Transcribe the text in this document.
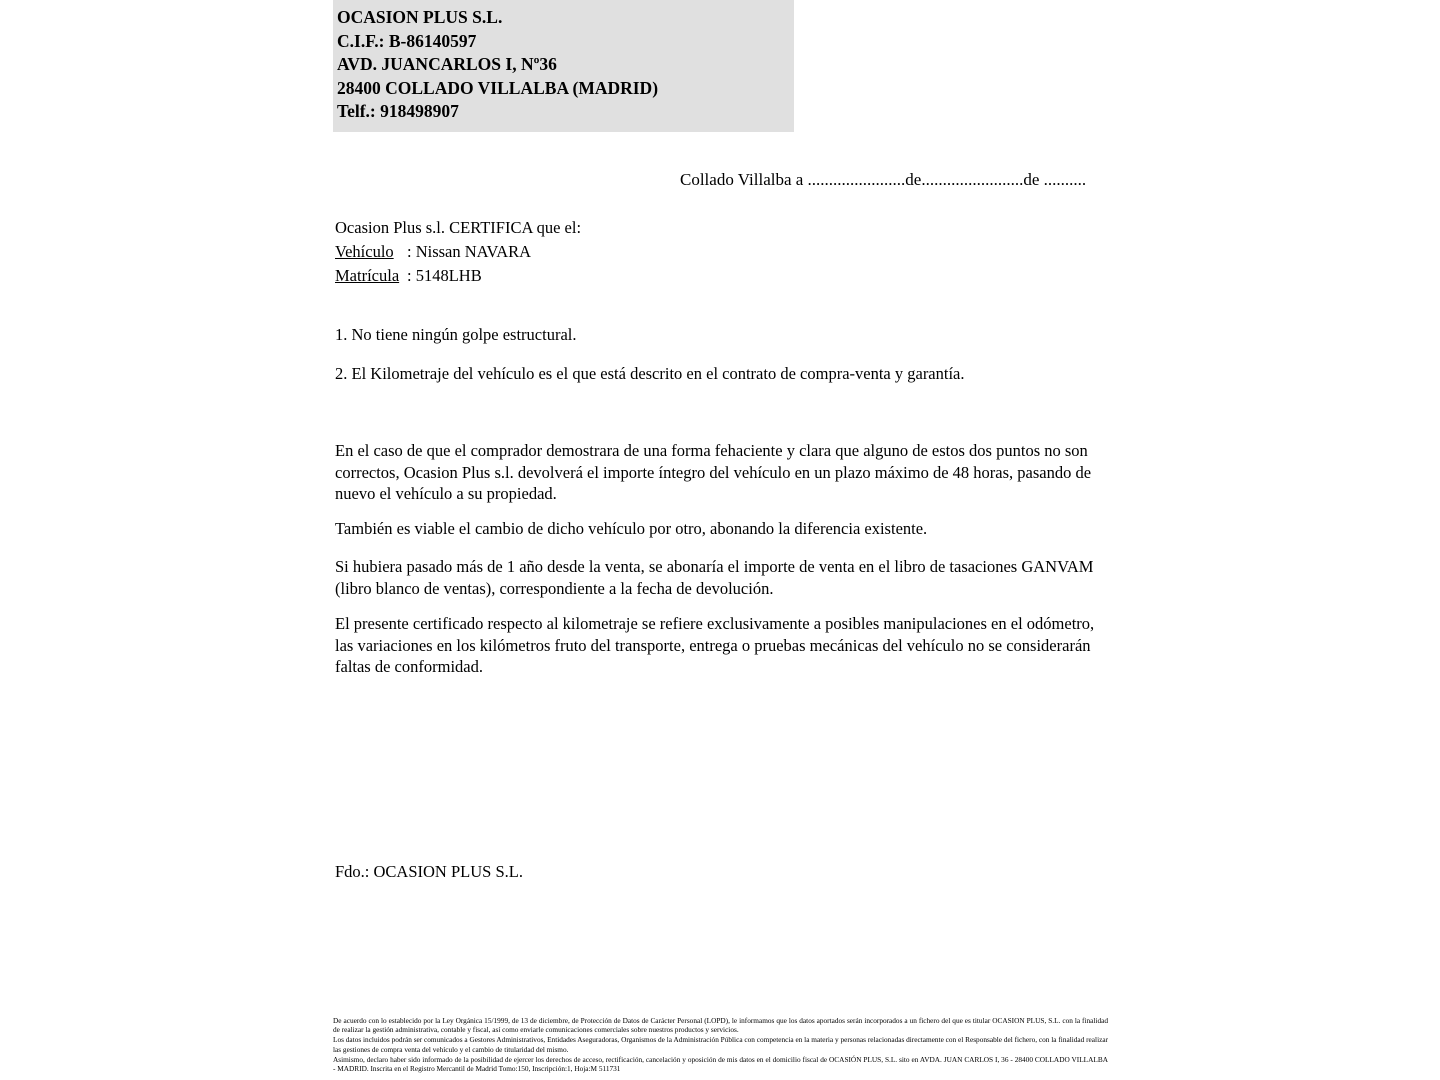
OCASION PLUS S.L.
C.I.F.: B-86140597
AVD. JUANCARLOS I, Nº36
28400 COLLADO VILLALBA (MADRID)
Telf.: 918498907
Collado Villalba a .......................de........................de ..........
Ocasion Plus s.l. CERTIFICA que el:
Vehículo : Nissan NAVARA
Matrícula : 5148LHB
1. No tiene ningún golpe estructural.
2. El Kilometraje del vehículo es el que está descrito en el contrato de compra-venta y garantía.
En el caso de que el comprador demostrara de una forma fehaciente y clara que alguno de estos dos puntos no son correctos, Ocasion Plus s.l. devolverá el importe íntegro del vehículo en un plazo máximo de 48 horas, pasando de nuevo el vehículo a su propiedad.
También es viable el cambio de dicho vehículo por otro, abonando la diferencia existente.
Si hubiera pasado más de 1 año desde la venta, se abonaría el importe de venta en el libro de tasaciones GANVAM (libro blanco de ventas), correspondiente a la fecha de devolución.
El presente certificado respecto al kilometraje se refiere exclusivamente a posibles manipulaciones en el odómetro, las variaciones en los kilómetros fruto del transporte, entrega o pruebas mecánicas del vehículo no se considerarán faltas de conformidad.
Fdo.: OCASION PLUS S.L.

De acuerdo con lo establecido por la Ley Orgánica 15/1999, de 13 de diciembre, de Protección de Datos de Carácter Personal (LOPD), le informamos que los datos aportados serán incorporados a un fichero del que es titular OCASION PLUS, S.L. con la finalidad de realizar la gestión administrativa, contable y fiscal, así como enviarle comunicaciones comerciales sobre nuestros productos y servicios.

Los datos incluidos podrán ser comunicados a Gestores Administrativos, Entidades Aseguradoras, Organismos de la Administración Pública con competencia en la materia y personas relacionadas directamente con el Responsable del fichero, con la finalidad realizar las gestiones de compra venta del vehículo y el cambio de titularidad del mismo.

Asimismo, declaro haber sido informado de la posibilidad de ejercer los derechos de acceso, rectificación, cancelación y oposición de mis datos en el domicilio fiscal de OCASIÓN PLUS, S.L. sito en AVDA. JUAN CARLOS I, 36 - 28400 COLLADO VILLALBA - MADRID. Inscrita en el Registro Mercantil de Madrid Tomo:150, Inscripción:1, Hoja:M 511731
